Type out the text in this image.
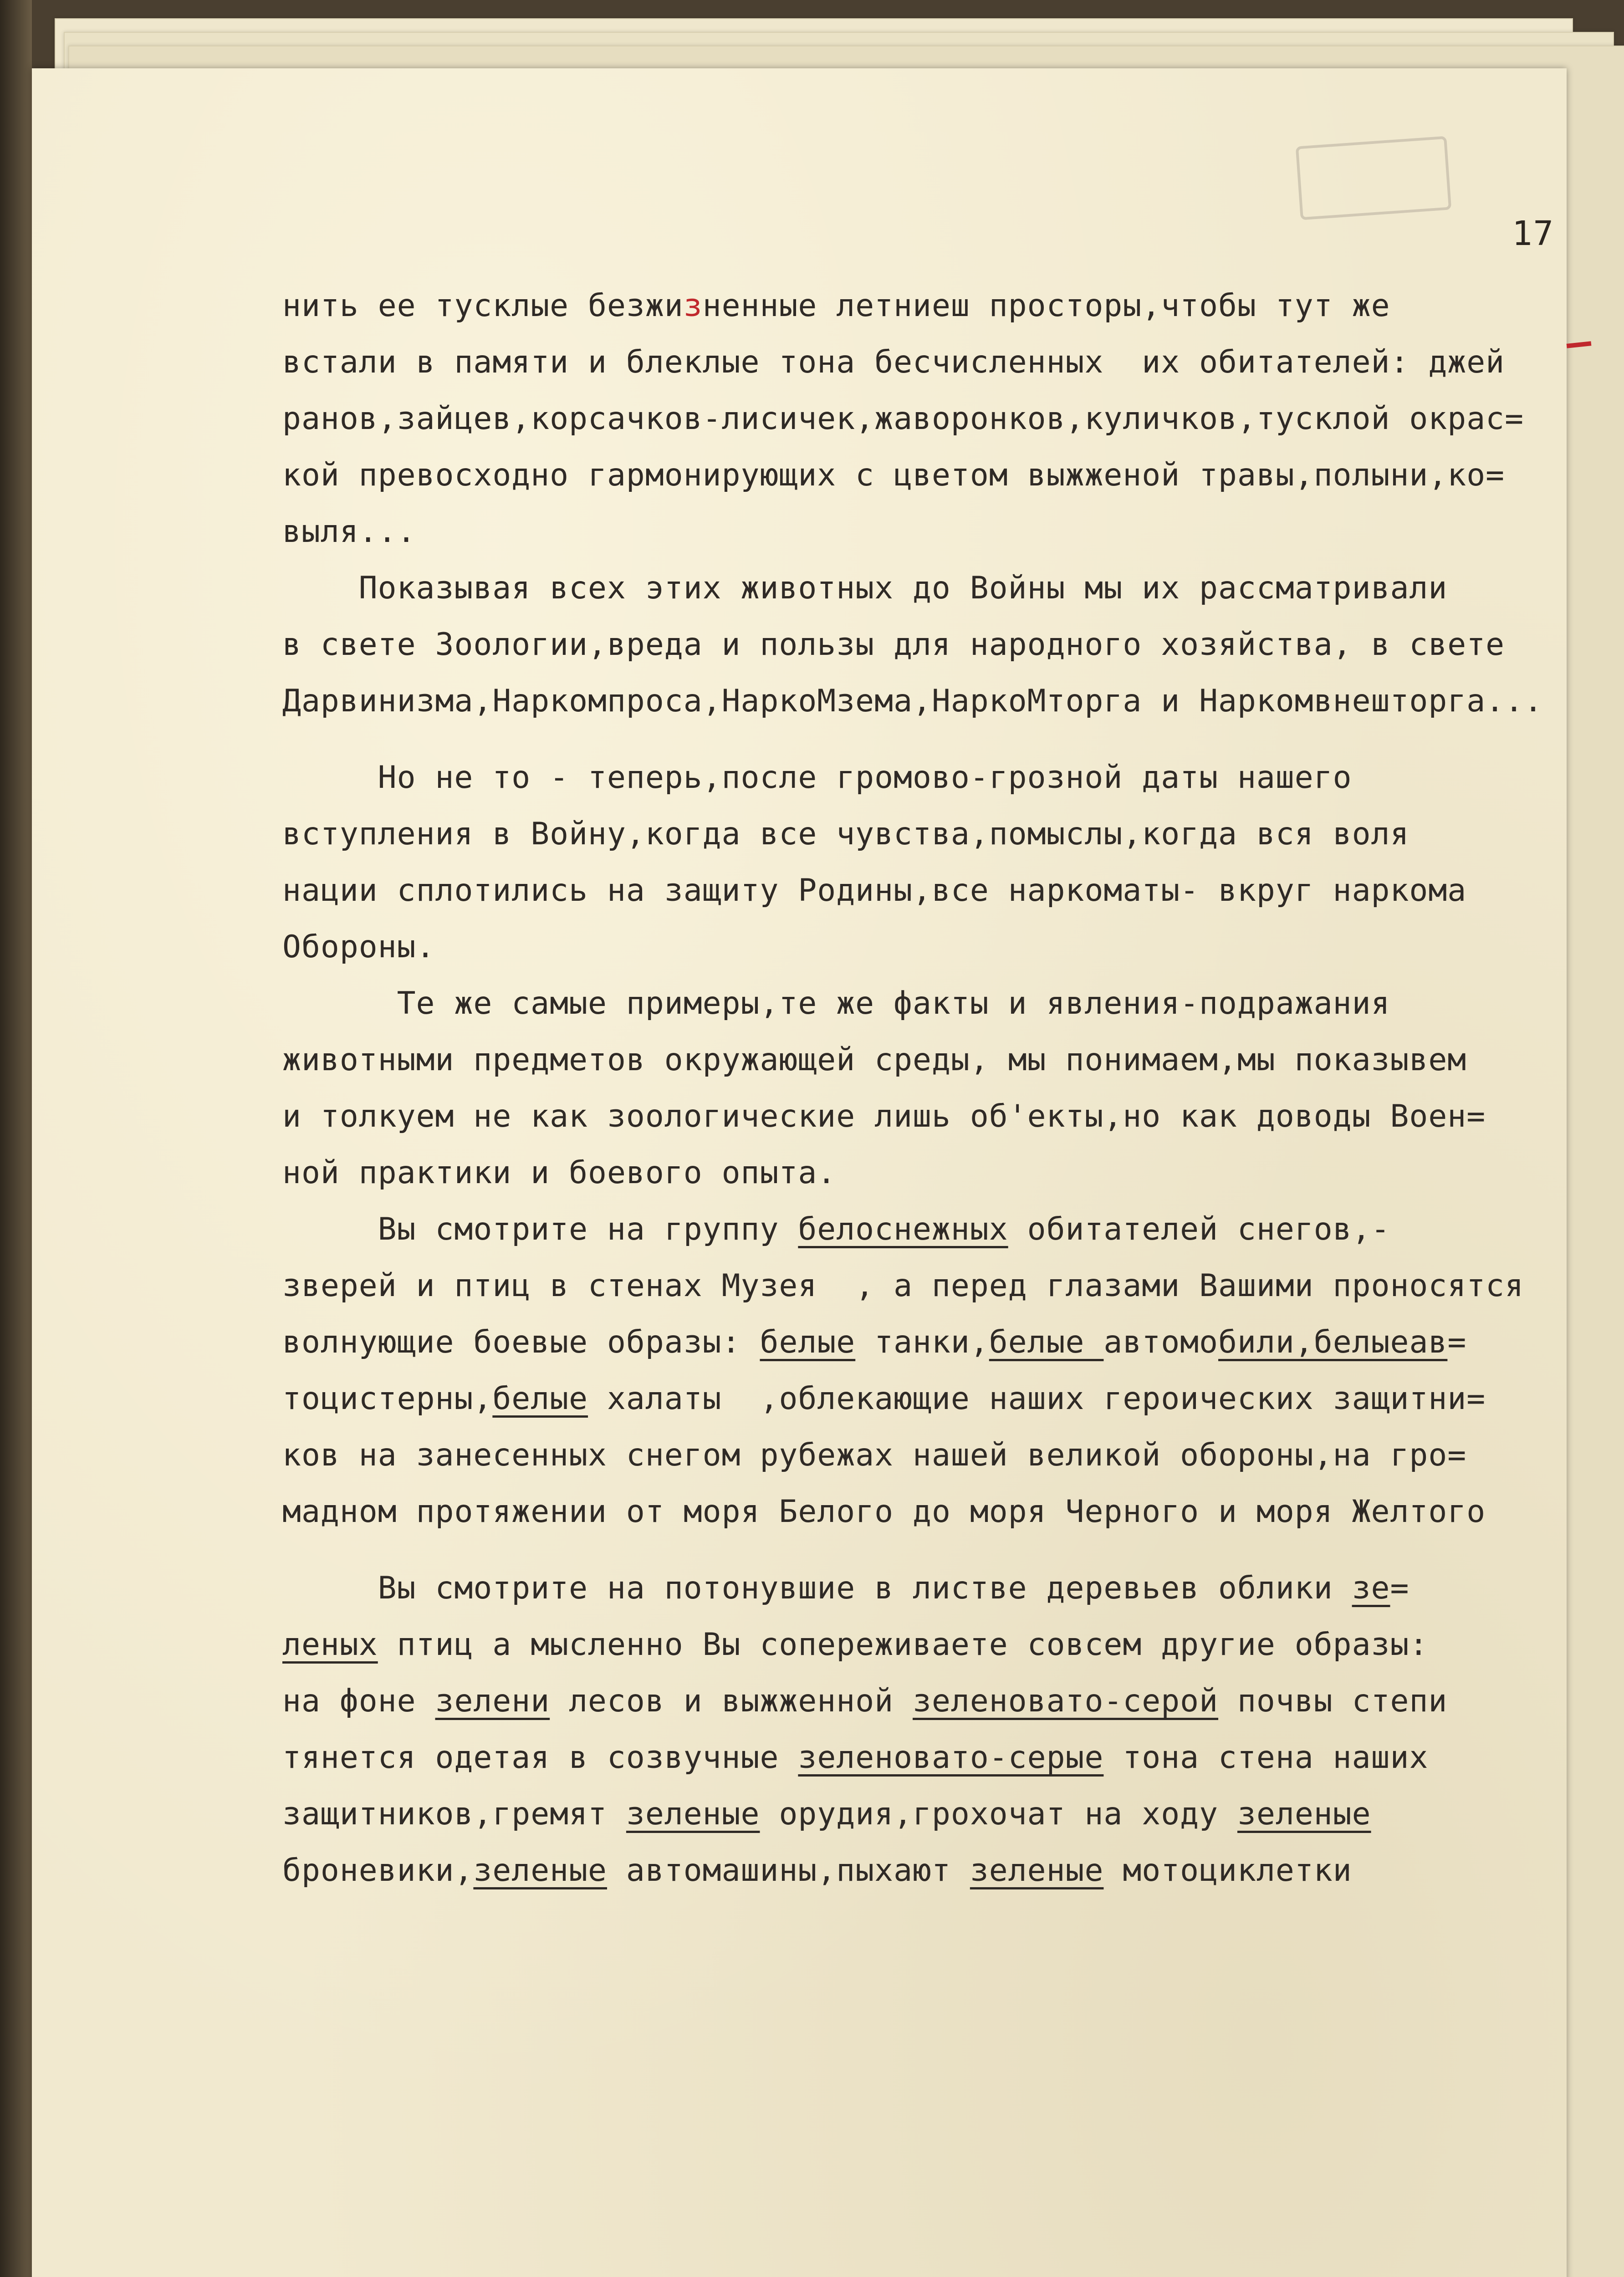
17
нить ее тусклые безжизненные летниеш просторы,чтобы тут же
встали в памяти и блеклые тона бесчисленных  их обитателей: джей
ранов,зайцев,корсачков-лисичек,жаворонков,куличков,тусклой окрас=
кой превосходно гармонирующих с цветом выжженой травы,полыни,ко=
выля...
Показывая всех этих животных до Войны мы их рассматривали
в свете Зоологии,вреда и пользы для народного хозяйства, в свете
Дарвинизма,Наркомпроса,НаркоМзема,НаркоМторга и Наркомвнешторга...
Но не то - теперь,после громово-грозной даты нашего
вступления в Войну,когда все чувства,помыслы,когда вся воля
нации сплотились на защиту Родины,все наркоматы- вкруг наркома
Обороны.
Те же самые примеры,те же факты и явления-подражания
животными предметов окружающей среды, мы понимаем,мы показывем
и толкуем не как зоологические лишь об'екты,но как доводы Воен=
ной практики и боевого опыта.
Вы смотрите на группу белоснежных обитателей снегов,-
зверей и птиц в стенах Музея  , а перед глазами Вашими проносятся
волнующие боевые образы: белые танки,белые автомобили,белыеав=
тоцистерны,белые халаты  ,облекающие наших героических защитни=
ков на занесенных снегом рубежах нашей великой обороны,на гро=
мадном протяжении от моря Белого до моря Черного и моря Желтого
Вы смотрите на потонувшие в листве деревьев облики зе=
леных птиц а мысленно Вы сопереживаете совсем другие образы:
на фоне зелени лесов и выжженной зеленовато-серой почвы степи
тянется одетая в созвучные зеленовато-серые тона стена наших
защитников,гремят зеленые орудия,грохочат на ходу зеленые
броневики,зеленые автомашины,пыхают зеленые мотоциклетки
